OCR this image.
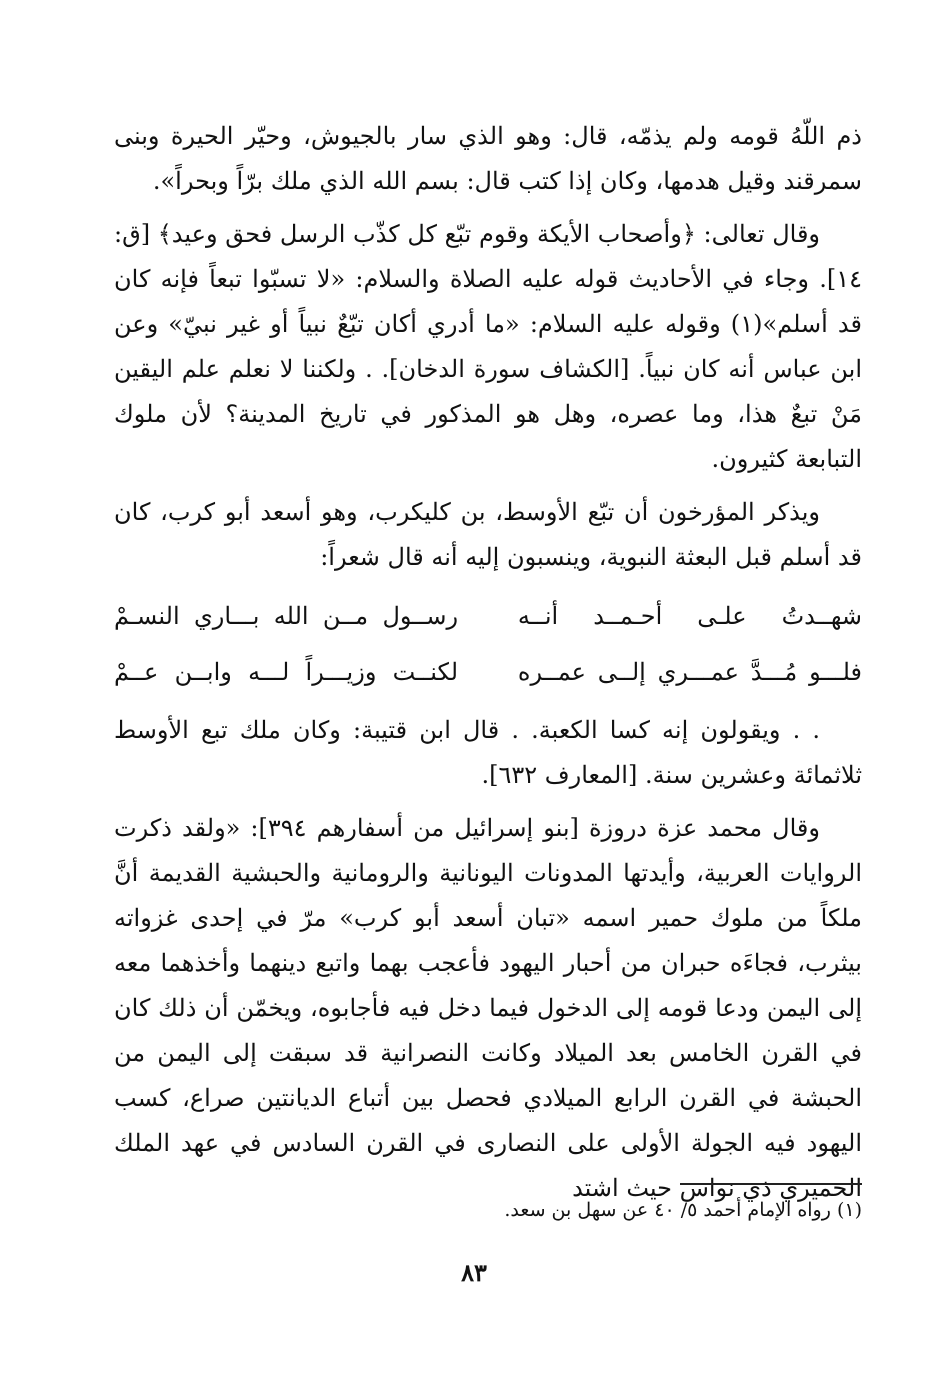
ذم اللّهُ قومه ولم يذمّه، قال: وهو الذي سار بالجيوش، وحيّر الحيرة وبنى سمرقند وقيل هدمها، وكان إذا كتب قال: بسم الله الذي ملك برّاً وبحراً».

وقال تعالى: ﴿وأصحاب الأيكة وقوم تبّع كل كذّب الرسل فحق وعيد﴾ [ق: ١٤]. وجاء في الأحاديث قوله عليه الصلاة والسلام: «لا تسبّوا تبعاً فإنه كان قد أسلم»(١) وقوله عليه السلام: «ما أدري أكان تبّعٌ نبياً أو غير نبيّ» وعن ابن عباس أنه كان نبياً. [الكشاف سورة الدخان]. . ولكننا لا نعلم علم اليقين مَنْ تبعٌ هذا، وما عصره، وهل هو المذكور في تاريخ المدينة؟ لأن ملوك التبابعة كثيرون.

ويذكر المؤرخون أن تبّع الأوسط، بن كليكرب، وهو أسعد أبو كرب، كان قد أسلم قبل البعثة النبوية، وينسبون إليه أنه قال شعراً:

شهــدتُ علـى أحـمــد أنــه
رســول مــن الله بـــاري النسـمْ
فلـــو مُـــدَّ عمـــري إلــى عمــره
لكنــت وزيـــراً لـــه وابــن عــمْ

. . ويقولون إنه كسا الكعبة. . قال ابن قتيبة: وكان ملك تبع الأوسط ثلاثمائة وعشرين سنة. [المعارف ٦٣٢].

وقال محمد عزة دروزة [بنو إسرائيل من أسفارهم ٣٩٤]: «ولقد ذكرت الروايات العربية، وأيدتها المدونات اليونانية والرومانية والحبشية القديمة أنَّ ملكاً من ملوك حمير اسمه «تبان أسعد أبو كرب» مرّ في إحدى غزواته بيثرب، فجاءَه حبران من أحبار اليهود فأعجب بهما واتبع دينهما وأخذهما معه إلى اليمن ودعا قومه إلى الدخول فيما دخل فيه فأجابوه، ويخمّن أن ذلك كان في القرن الخامس بعد الميلاد وكانت النصرانية قد سبقت إلى اليمن من الحبشة في القرن الرابع الميلادي فحصل بين أتباع الديانتين صراع، كسب اليهود فيه الجولة الأولى على النصارى في القرن السادس في عهد الملك الحميري ذي نواس حيث اشتد

(١) رواه الإمام أحمد ٥/ ٤٠ عن سهل بن سعد.
٨٣
